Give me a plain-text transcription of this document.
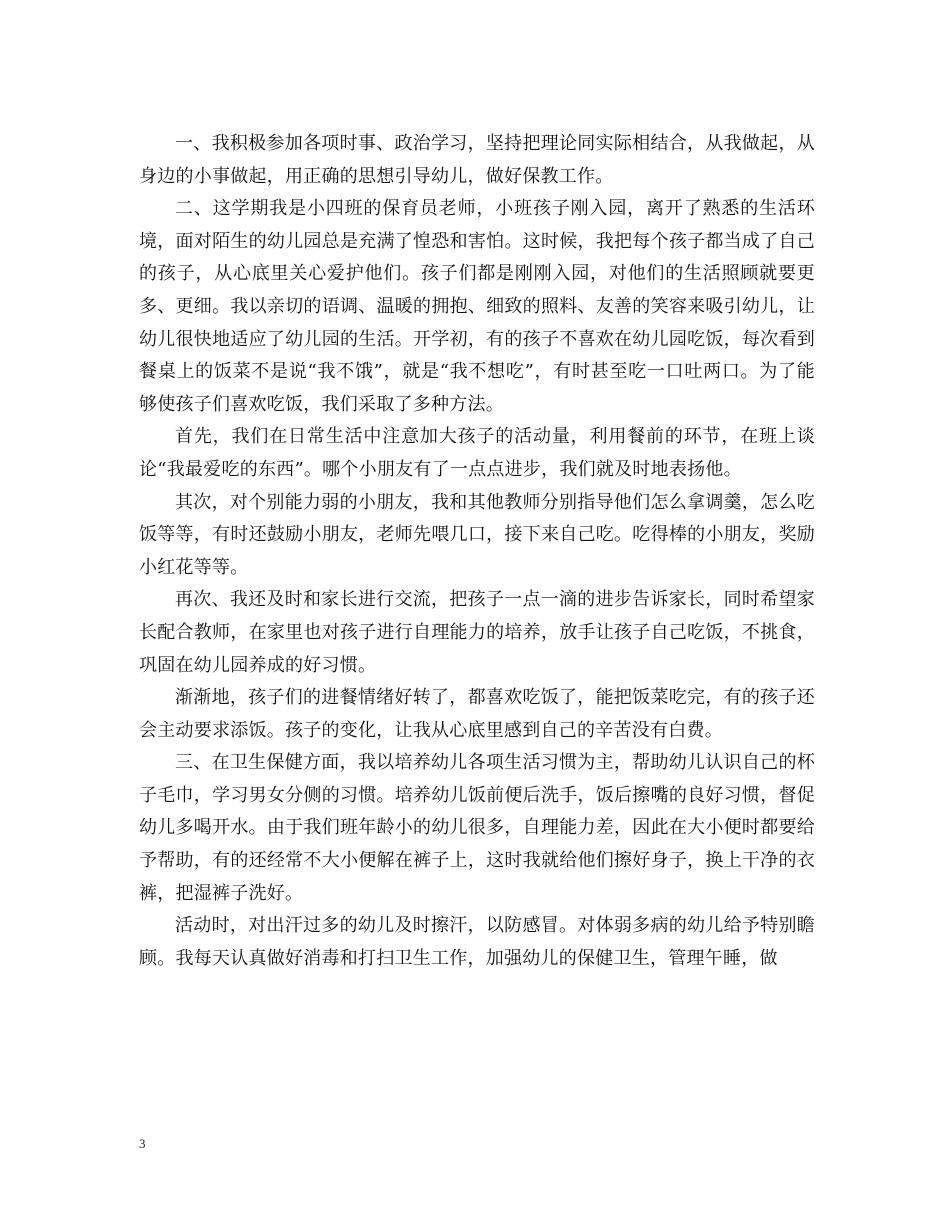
一、我积极参加各项时事、政治学习，坚持把理论同实际相结合，从我做起，从身边的小事做起，用正确的思想引导幼儿，做好保教工作。

二、这学期我是小四班的保育员老师，小班孩子刚入园，离开了熟悉的生活环境，面对陌生的幼儿园总是充满了惶恐和害怕。这时候，我把每个孩子都当成了自己的孩子，从心底里关心爱护他们。孩子们都是刚刚入园，对他们的生活照顾就要更多、更细。我以亲切的语调、温暖的拥抱、细致的照料、友善的笑容来吸引幼儿，让幼儿很快地适应了幼儿园的生活。开学初，有的孩子不喜欢在幼儿园吃饭，每次看到餐桌上的饭菜不是说“我不饿”，就是“我不想吃”，有时甚至吃一口吐两口。为了能够使孩子们喜欢吃饭，我们采取了多种方法。

首先，我们在日常生活中注意加大孩子的活动量，利用餐前的环节，在班上谈论“我最爱吃的东西”。哪个小朋友有了一点点进步，我们就及时地表扬他。

其次，对个别能力弱的小朋友，我和其他教师分别指导他们怎么拿调羹，怎么吃饭等等，有时还鼓励小朋友，老师先喂几口，接下来自己吃。吃得棒的小朋友，奖励小红花等等。

再次、我还及时和家长进行交流，把孩子一点一滴的进步告诉家长，同时希望家长配合教师，在家里也对孩子进行自理能力的培养，放手让孩子自己吃饭，不挑食，巩固在幼儿园养成的好习惯。

渐渐地，孩子们的进餐情绪好转了，都喜欢吃饭了，能把饭菜吃完，有的孩子还会主动要求添饭。孩子的变化，让我从心底里感到自己的辛苦没有白费。

三、在卫生保健方面，我以培养幼儿各项生活习惯为主，帮助幼儿认识自己的杯子毛巾，学习男女分侧的习惯。培养幼儿饭前便后洗手，饭后擦嘴的良好习惯，督促幼儿多喝开水。由于我们班年龄小的幼儿很多，自理能力差，因此在大小便时都要给予帮助，有的还经常不大小便解在裤子上，这时我就给他们擦好身子，换上干净的衣裤，把湿裤子洗好。

活动时，对出汗过多的幼儿及时擦汗，以防感冒。对体弱多病的幼儿给予特别瞻顾。我每天认真做好消毒和打扫卫生工作，加强幼儿的保健卫生，管理午睡，做

3
